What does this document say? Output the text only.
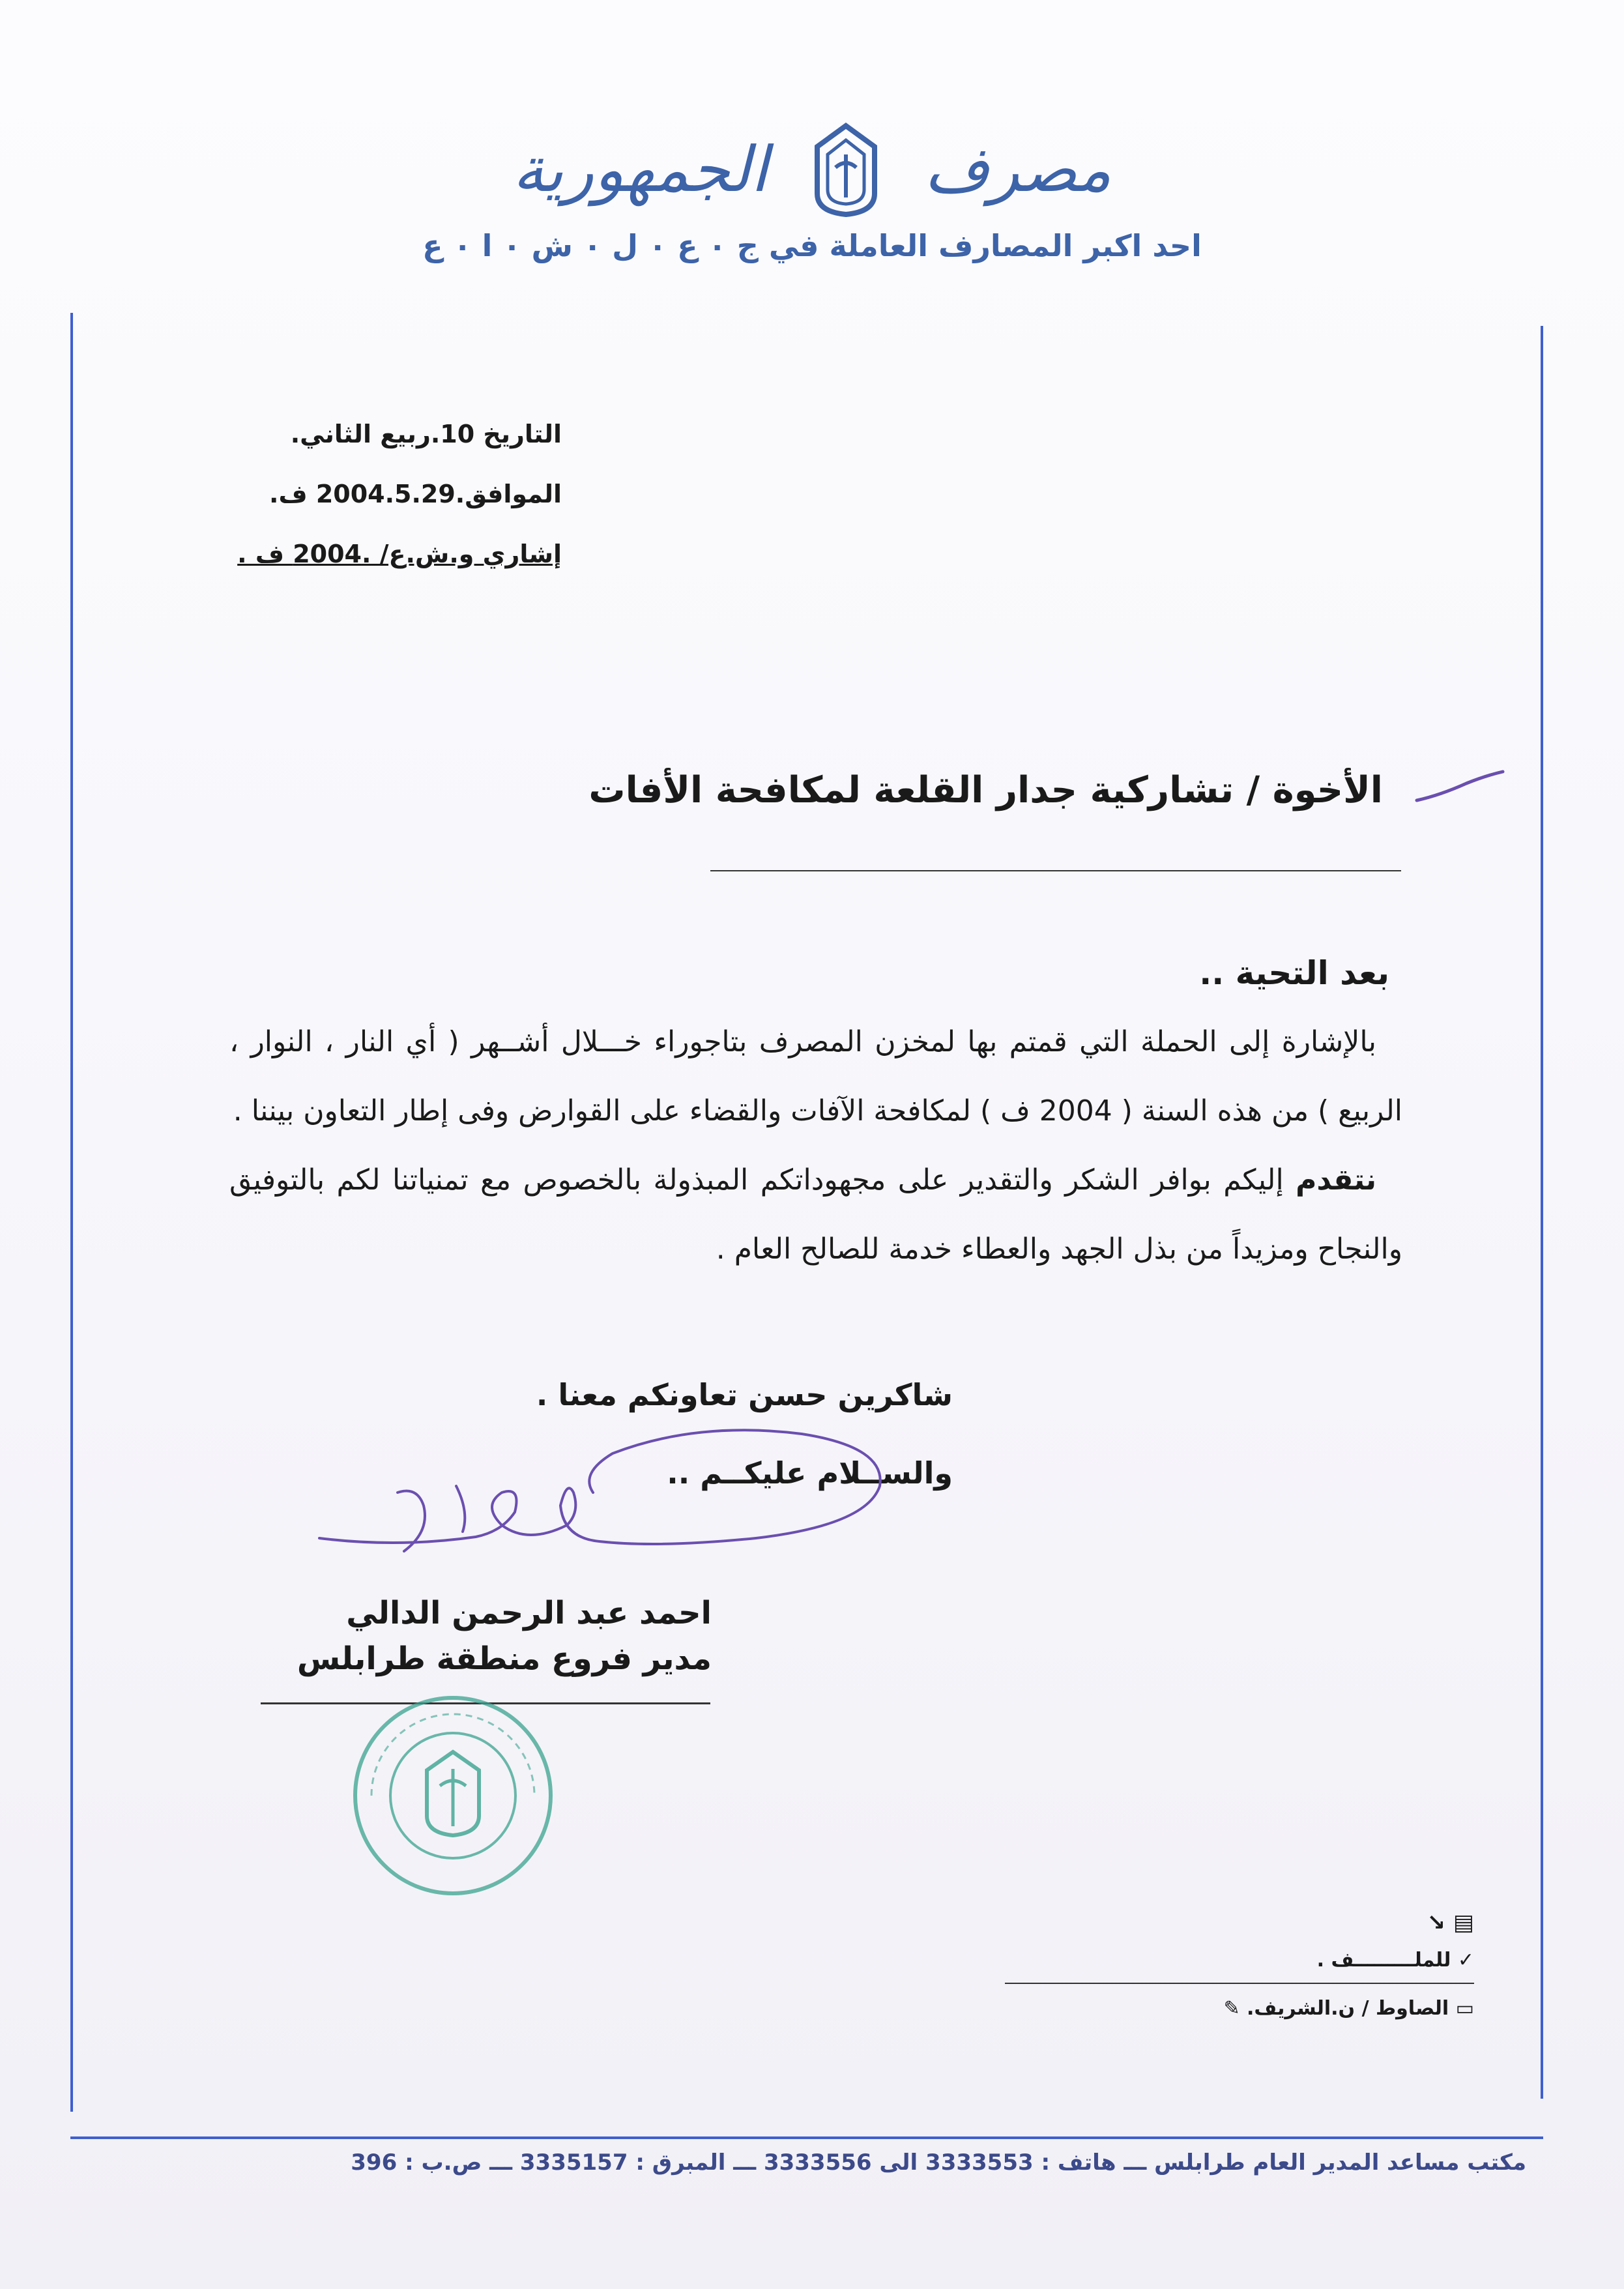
مصرف
الجمهورية
احد اكبر المصارف العاملة في ج ٠ ع ٠ ل ٠ ش ٠ ا ٠ ع
التاريخ 10.ربيع الثاني.
الموافق.2004.5.29 ف.
إشاري و.ش.ع/ .2004 ف .
الأخوة / تشاركية جدار القلعة لمكافحة الأفات
بعد التحية ..
بالإشارة إلى الحملة التي قمتم بها لمخزن المصرف بتاجوراء خـــلال أشــهر ( أي النار ، النوار ، الربيع ) من هذه السنة ( 2004 ف ) لمكافحة الآفات والقضاء على القوارض وفى إطار التعاون بيننا .
نتقدم إليكم بوافر الشكر والتقدير على مجهوداتكم المبذولة بالخصوص مع تمنياتنا لكم بالتوفيق والنجاح ومزيداً من بذل الجهد والعطاء خدمة للصالح العام .
شاكرين حسن تعاونكم معنا .
والســلام عليكــم ..
احمد عبد الرحمن الدالي
مدير فروع منطقة طرابلس
▤ ↘
✓ للملـــــــــف .
▭ الصاوط / ن.الشريف. ✎
مكتب مساعد المدير العام طرابلس ـــ هاتف : 3333553 الى 3333556 ـــ المبرق : 3335157 ـــ ص.ب : 396
